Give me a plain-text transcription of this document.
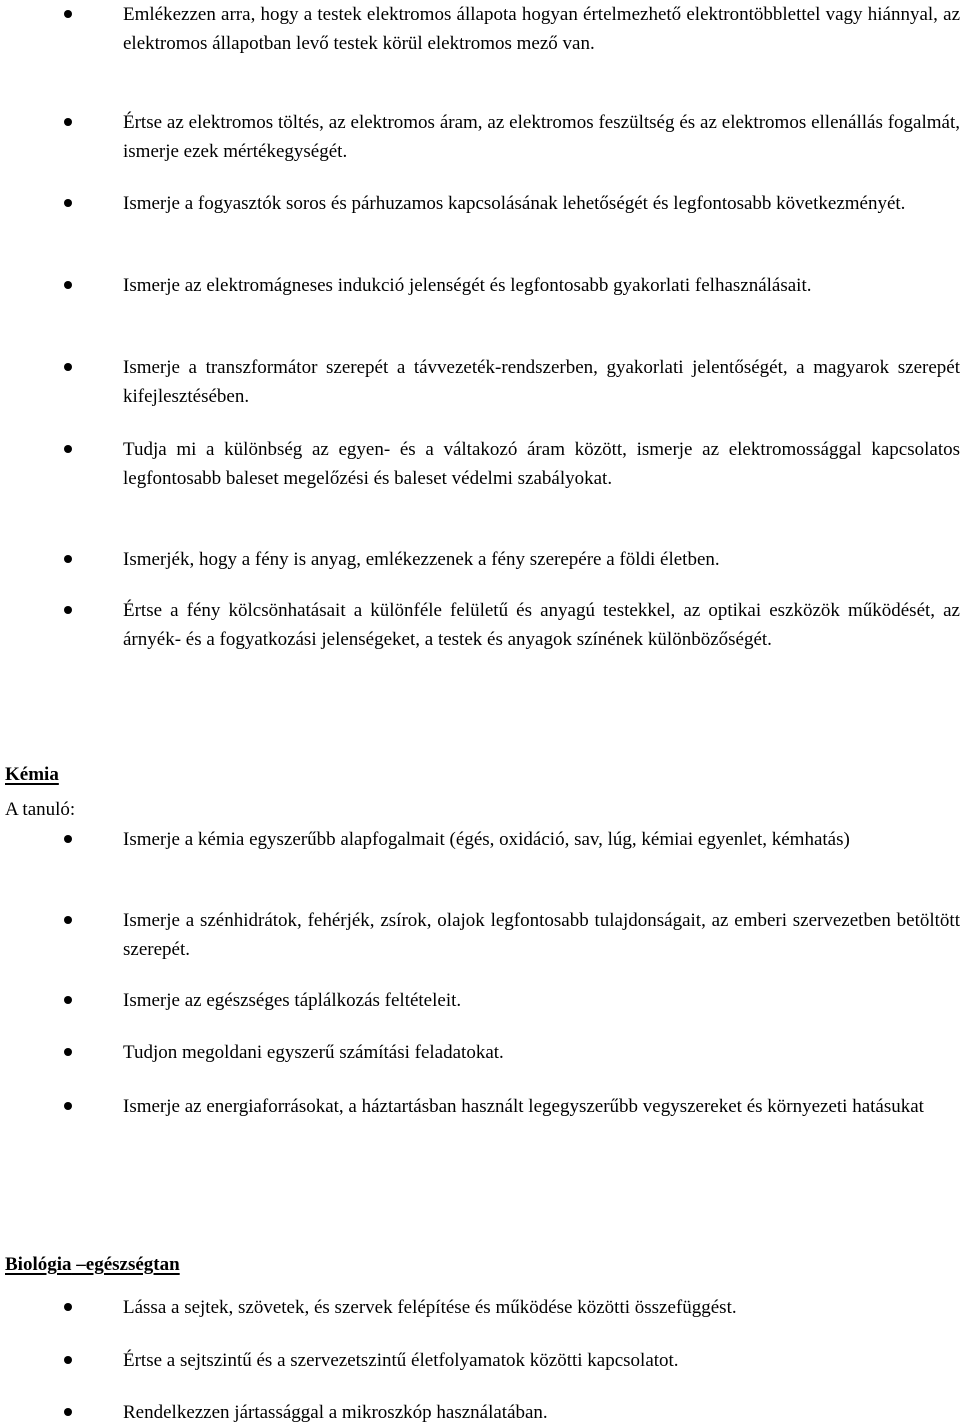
Emlékezzen arra, hogy a testek elektromos állapota hogyan értelmezhető elektrontöbblettel vagy hiánnyal, az elektromos állapotban levő testek körül elektromos mező van.
Értse az elektromos töltés, az elektromos áram, az elektromos feszültség és az elektromos ellenállás fogalmát, ismerje ezek mértékegységét.
Ismerje a fogyasztók soros és párhuzamos kapcsolásának lehetőségét és legfontosabb következményét.
Ismerje az elektromágneses indukció jelenségét és legfontosabb gyakorlati felhasználásait.
Ismerje a transzformátor szerepét a távvezeték-rendszerben, gyakorlati jelentőségét, a magyarok szerepét kifejlesztésében.
Tudja mi a különbség az egyen- és a váltakozó áram között, ismerje az elektromossággal kapcsolatos legfontosabb baleset megelőzési és baleset védelmi szabályokat.
Ismerjék, hogy a fény is anyag, emlékezzenek a fény szerepére a földi életben.
Értse a fény kölcsönhatásait a különféle felületű és anyagú testekkel, az optikai eszközök működését, az árnyék- és a fogyatkozási jelenségeket, a testek és anyagok színének különbözőségét.
Kémia

A tanuló:

Ismerje a kémia egyszerűbb alapfogalmait (égés, oxidáció, sav, lúg, kémiai egyenlet, kémhatás)
Ismerje a szénhidrátok, fehérjék, zsírok, olajok legfontosabb tulajdonságait, az emberi szervezetben betöltött szerepét.
Ismerje az egészséges táplálkozás feltételeit.
Tudjon megoldani egyszerű számítási feladatokat.
Ismerje az energiaforrásokat, a háztartásban használt legegyszerűbb vegyszereket és környezeti hatásukat
Biológia –egészségtan
Lássa a sejtek, szövetek, és szervek felépítése és működése közötti összefüggést.
Értse a sejtszintű és a szervezetszintű életfolyamatok közötti kapcsolatot.
Rendelkezzen jártassággal a mikroszkóp használatában.
